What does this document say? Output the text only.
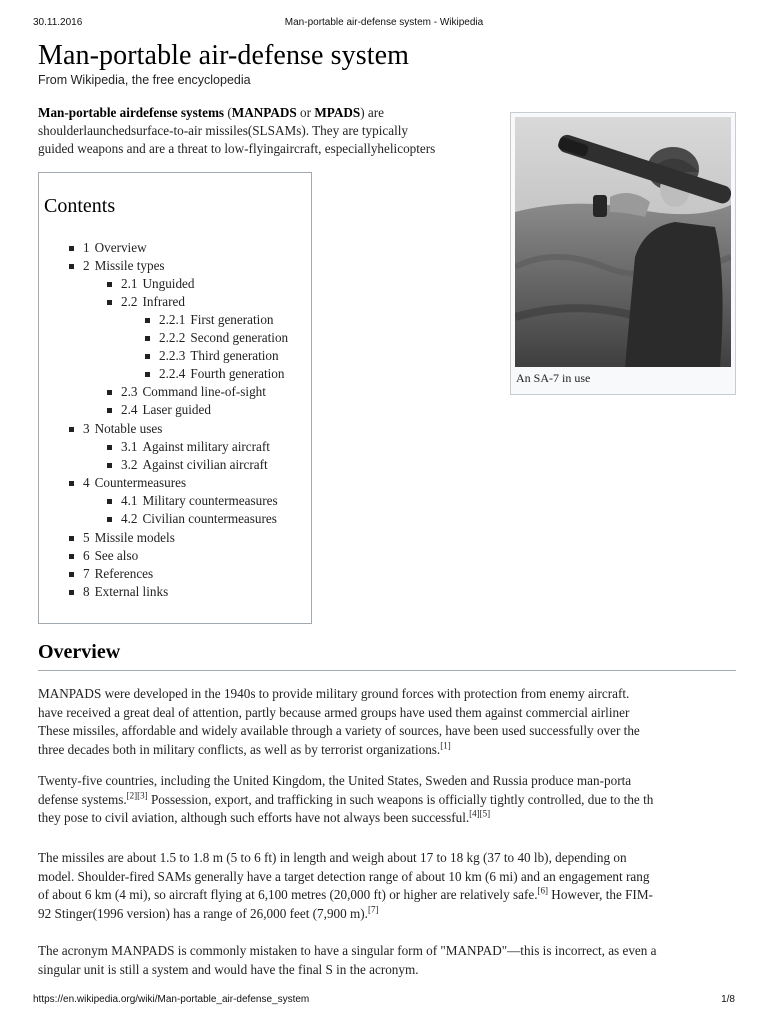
30.11.2016	Man-portable air-defense system - Wikipedia
Man-portable air-defense system
From Wikipedia, the free encyclopedia

Man-portable airdefense systems (MANPADS or MPADS) are
shoulderlaunchedsurface-to-air missiles(SLSAMs). They are typically
guided weapons and are a threat to low-flyingaircraft, especiallyhelicopters

An SA-7 in use
Contents
1 Overview
2 Missile types
2.1 Unguided
2.2 Infrared
2.2.1 First generation
2.2.2 Second generation
2.2.3 Third generation
2.2.4 Fourth generation
2.3 Command line-of-sight
2.4 Laser guided
3 Notable uses
3.1 Against military aircraft
3.2 Against civilian aircraft
4 Countermeasures
4.1 Military countermeasures
4.2 Civilian countermeasures
5 Missile models
6 See also
7 References
8 External links
Overview

MANPADS were developed in the 1940s to provide military ground forces with protection from enemy aircraft.
have received a great deal of attention, partly because armed groups have used them against commercial airliner
These missiles, affordable and widely available through a variety of sources, have been used successfully over the
three decades both in military conflicts, as well as by terrorist organizations.[1]

Twenty-five countries, including the United Kingdom, the United States, Sweden and Russia produce man-porta
defense systems.[2][3] Possession, export, and trafficking in such weapons is officially tightly controlled, due to the th
they pose to civil aviation, although such efforts have not always been successful.[4][5]

The missiles are about 1.5 to 1.8 m (5 to 6 ft) in length and weigh about 17 to 18 kg (37 to 40 lb), depending on
model. Shoulder-fired SAMs generally have a target detection range of about 10 km (6 mi) and an engagement rang
of about 6 km (4 mi), so aircraft flying at 6,100 metres (20,000 ft) or higher are relatively safe.[6] However, the FIM-
92 Stinger(1996 version) has a range of 26,000 feet (7,900 m).[7]

The acronym MANPADS is commonly mistaken to have a singular form of "MANPAD"—this is incorrect, as even a
singular unit is still a system and would have the final S in the acronym.

https://en.wikipedia.org/wiki/Man-portable_air-defense_system	1/8
